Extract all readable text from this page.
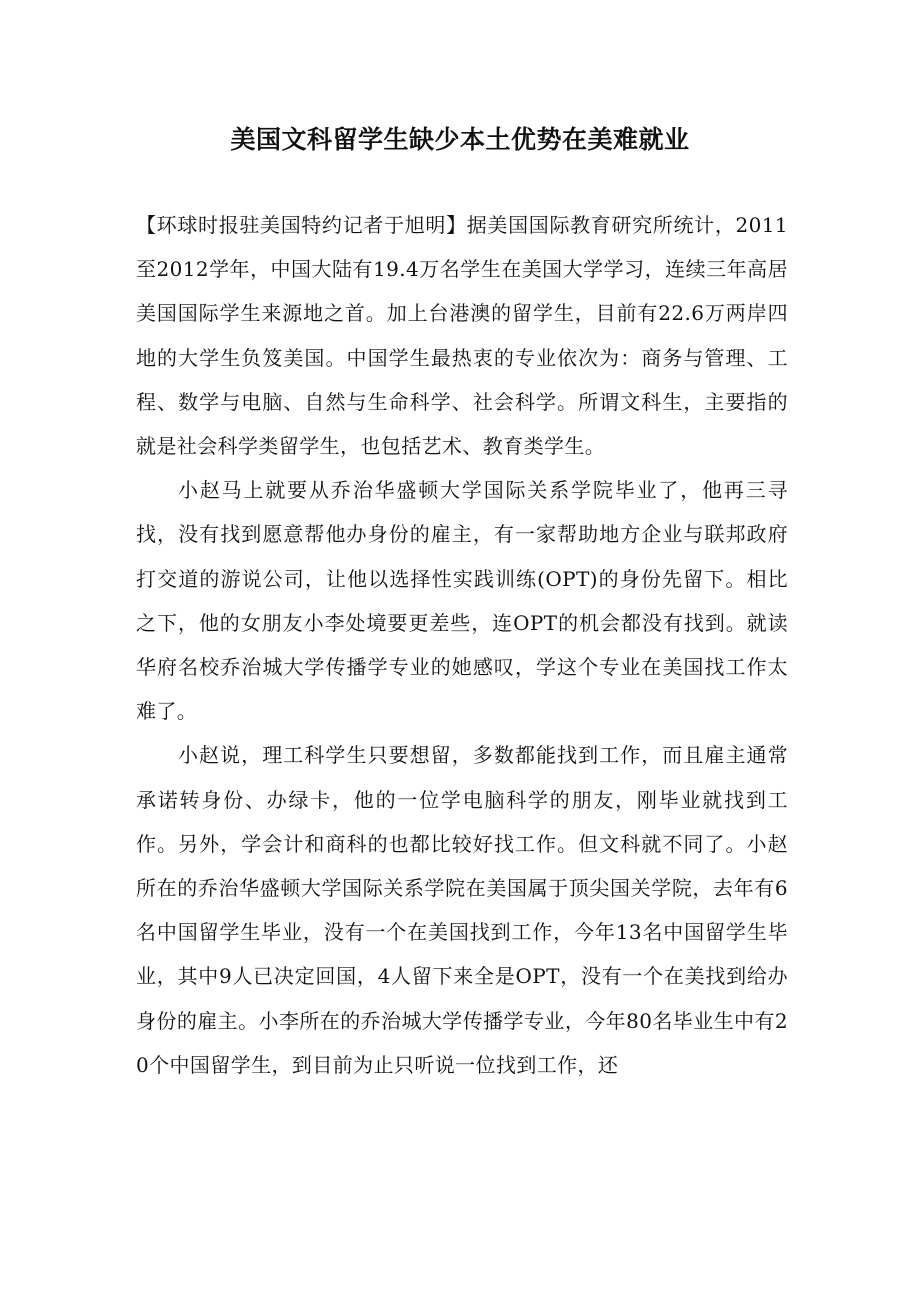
美国文科留学生缺少本土优势在美难就业

【环球时报驻美国特约记者于旭明】据美国国际教育研究所统计，2011至2012学年，中国大陆有19.4万名学生在美国大学学习，连续三年高居美国国际学生来源地之首。加上台港澳的留学生，目前有22.6万两岸四地的大学生负笈美国。中国学生最热衷的专业依次为：商务与管理、工程、数学与电脑、自然与生命科学、社会科学。所谓文科生，主要指的就是社会科学类留学生，也包括艺术、教育类学生。

小赵马上就要从乔治华盛顿大学国际关系学院毕业了，他再三寻找，没有找到愿意帮他办身份的雇主，有一家帮助地方企业与联邦政府打交道的游说公司，让他以选择性实践训练(OPT)的身份先留下。相比之下，他的女朋友小李处境要更差些，连OPT的机会都没有找到。就读华府名校乔治城大学传播学专业的她感叹，学这个专业在美国找工作太难了。

小赵说，理工科学生只要想留，多数都能找到工作，而且雇主通常承诺转身份、办绿卡，他的一位学电脑科学的朋友，刚毕业就找到工作。另外，学会计和商科的也都比较好找工作。但文科就不同了。小赵所在的乔治华盛顿大学国际关系学院在美国属于顶尖国关学院，去年有6名中国留学生毕业，没有一个在美国找到工作，今年13名中国留学生毕业，其中9人已决定回国，4人留下来全是OPT，没有一个在美找到给办身份的雇主。小李所在的乔治城大学传播学专业，今年80名毕业生中有20个中国留学生，到目前为止只听说一位找到工作，还
